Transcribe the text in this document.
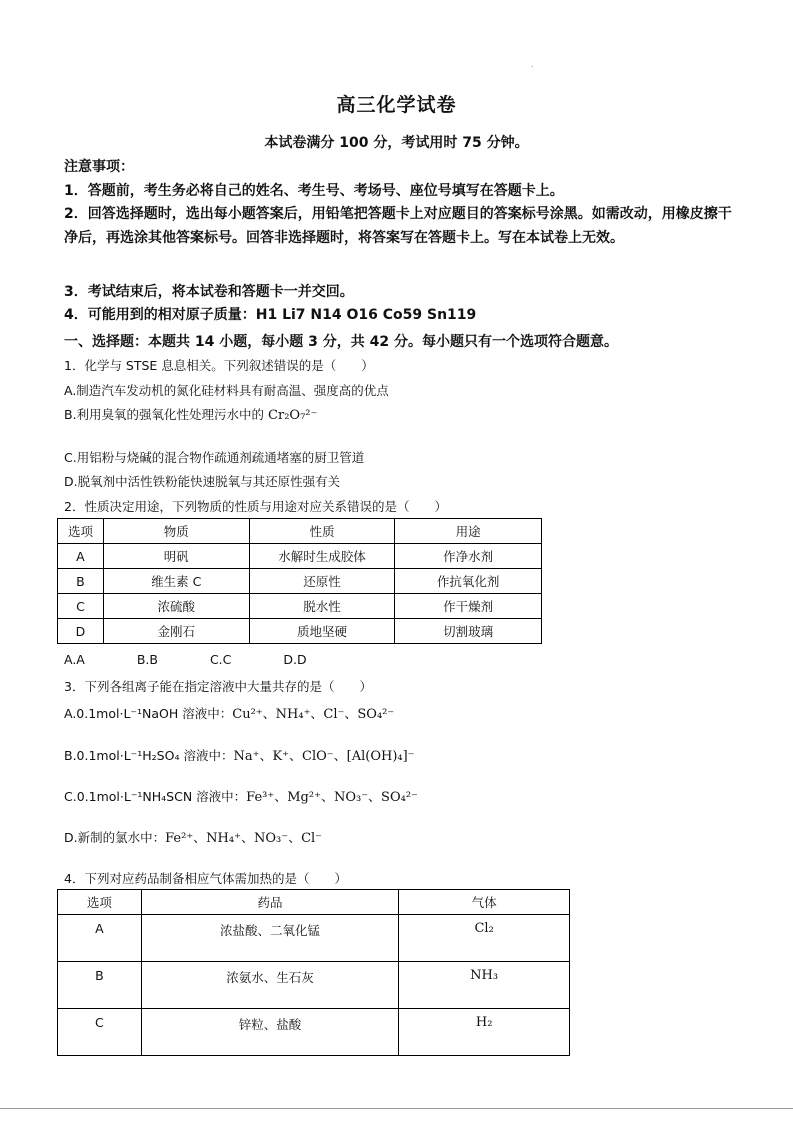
.
高三化学试卷
本试卷满分 100 分，考试用时 75 分钟。
注意事项：
1．答题前，考生务必将自己的姓名、考生号、考场号、座位号填写在答题卡上。
2．回答选择题时，选出每小题答案后，用铅笔把答题卡上对应题目的答案标号涂黑。如需改动，用橡皮擦干净后，再选涂其他答案标号。回答非选择题时，将答案写在答题卡上。写在本试卷上无效。
3．考试结束后，将本试卷和答题卡一并交回。
4．可能用到的相对原子质量：H1 Li7 N14 O16 Co59 Sn119
一、选择题：本题共 14 小题，每小题 3 分，共 42 分。每小题只有一个选项符合题意。
1．化学与 STSE 息息相关。下列叙述错误的是（　　）
A.制造汽车发动机的氮化硅材料具有耐高温、强度高的优点
B.利用臭氧的强氧化性处理污水中的 Cr₂O₇²⁻
C.用铝粉与烧碱的混合物作疏通剂疏通堵塞的厨卫管道
D.脱氧剂中活性铁粉能快速脱氧与其还原性强有关
2．性质决定用途，下列物质的性质与用途对应关系错误的是（　　）
选项	物质	性质	用途
A	明矾	水解时生成胶体	作净水剂
B	维生素 C	还原性	作抗氧化剂
C	浓硫酸	脱水性	作干燥剂
D	金刚石	质地坚硬	切割玻璃
A.A	B.B	C.C	D.D
3．下列各组离子能在指定溶液中大量共存的是（　　）
A.0.1mol·L⁻¹NaOH 溶液中：Cu²⁺、NH₄⁺、Cl⁻、SO₄²⁻
B.0.1mol·L⁻¹H₂SO₄ 溶液中：Na⁺、K⁺、ClO⁻、[Al(OH)₄]⁻
C.0.1mol·L⁻¹NH₄SCN 溶液中：Fe³⁺、Mg²⁺、NO₃⁻、SO₄²⁻
D.新制的氯水中：Fe²⁺、NH₄⁺、NO₃⁻、Cl⁻
4．下列对应药品制备相应气体需加热的是（　　）
选项	药品	气体
A	浓盐酸、二氧化锰	Cl₂
B	浓氨水、生石灰	NH₃
C	锌粒、盐酸	H₂
